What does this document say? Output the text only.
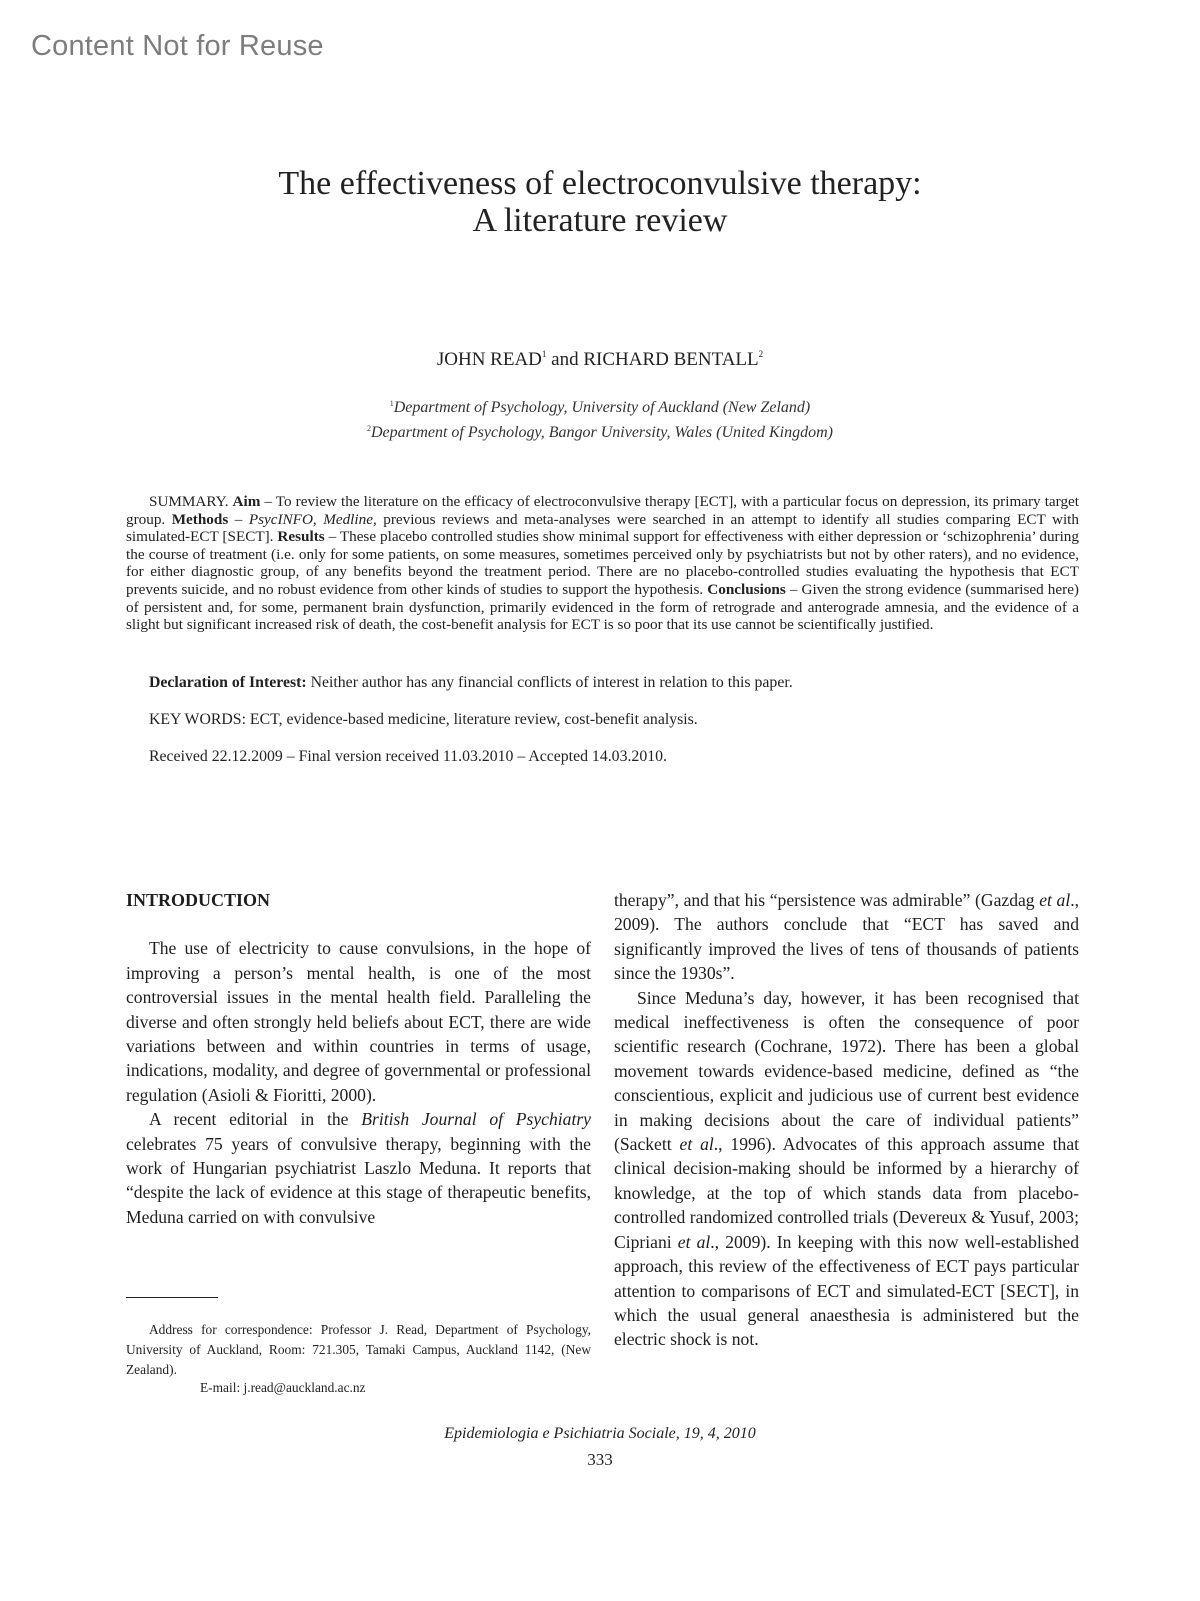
Content Not for Reuse
The effectiveness of electroconvulsive therapy:
A literature review
JOHN READ$^1$ and RICHARD BENTALL$^2$
$^1$Department of Psychology, University of Auckland (New Zeland)
$^2$Department of Psychology, Bangor University, Wales (United Kingdom)
SUMMARY. Aim – To review the literature on the efficacy of electroconvulsive therapy [ECT], with a particular focus on depression, its primary target group. Methods – PsycINFO, Medline, previous reviews and meta-analyses were searched in an attempt to identify all studies comparing ECT with simulated-ECT [SECT]. Results – These placebo controlled studies show minimal support for effectiveness with either depression or ‘schizophrenia’ during the course of treatment (i.e. only for some patients, on some measures, sometimes perceived only by psychiatrists but not by other raters), and no evidence, for either diagnostic group, of any benefits beyond the treatment period. There are no placebo-controlled studies evaluating the hypothesis that ECT prevents suicide, and no robust evidence from other kinds of studies to support the hypothesis. Conclusions – Given the strong evidence (summarised here) of persistent and, for some, permanent brain dysfunction, primarily evidenced in the form of retrograde and anterograde amnesia, and the evidence of a slight but significant increased risk of death, the cost-benefit analysis for ECT is so poor that its use cannot be scientifically justified.
Declaration of Interest: Neither author has any financial conflicts of interest in relation to this paper.
KEY WORDS: ECT, evidence-based medicine, literature review, cost-benefit analysis.
Received 22.12.2009 – Final version received 11.03.2010 – Accepted 14.03.2010.
INTRODUCTION

The use of electricity to cause convulsions, in the hope of improving a person’s mental health, is one of the most controversial issues in the mental health field. Paralleling the diverse and often strongly held beliefs about ECT, there are wide variations between and within countries in terms of usage, indications, modality, and degree of governmental or professional regulation (Asioli & Fioritti, 2000).

A recent editorial in the British Journal of Psychiatry celebrates 75 years of convulsive therapy, beginning with the work of Hungarian psychiatrist Laszlo Meduna. It reports that “despite the lack of evidence at this stage of therapeutic benefits, Meduna carried on with convulsive

therapy”, and that his “persistence was admirable” (Gazdag et al., 2009). The authors conclude that “ECT has saved and significantly improved the lives of tens of thousands of patients since the 1930s”.

Since Meduna’s day, however, it has been recognised that medical ineffectiveness is often the consequence of poor scientific research (Cochrane, 1972). There has been a global movement towards evidence-based medicine, defined as “the conscientious, explicit and judicious use of current best evidence in making decisions about the care of individual patients” (Sackett et al., 1996). Advocates of this approach assume that clinical decision-making should be informed by a hierarchy of knowledge, at the top of which stands data from placebo-controlled randomized controlled trials (Devereux & Yusuf, 2003; Cipriani et al., 2009). In keeping with this now well-established approach, this review of the effectiveness of ECT pays particular attention to comparisons of ECT and simulated-ECT [SECT], in which the usual general anaesthesia is administered but the electric shock is not.

Address for correspondence: Professor J. Read, Department of Psychology, University of Auckland, Room: 721.305, Tamaki Campus, Auckland 1142, (New Zealand).
E-mail: j.read@auckland.ac.nz
Epidemiologia e Psichiatria Sociale, 19, 4, 2010
333
